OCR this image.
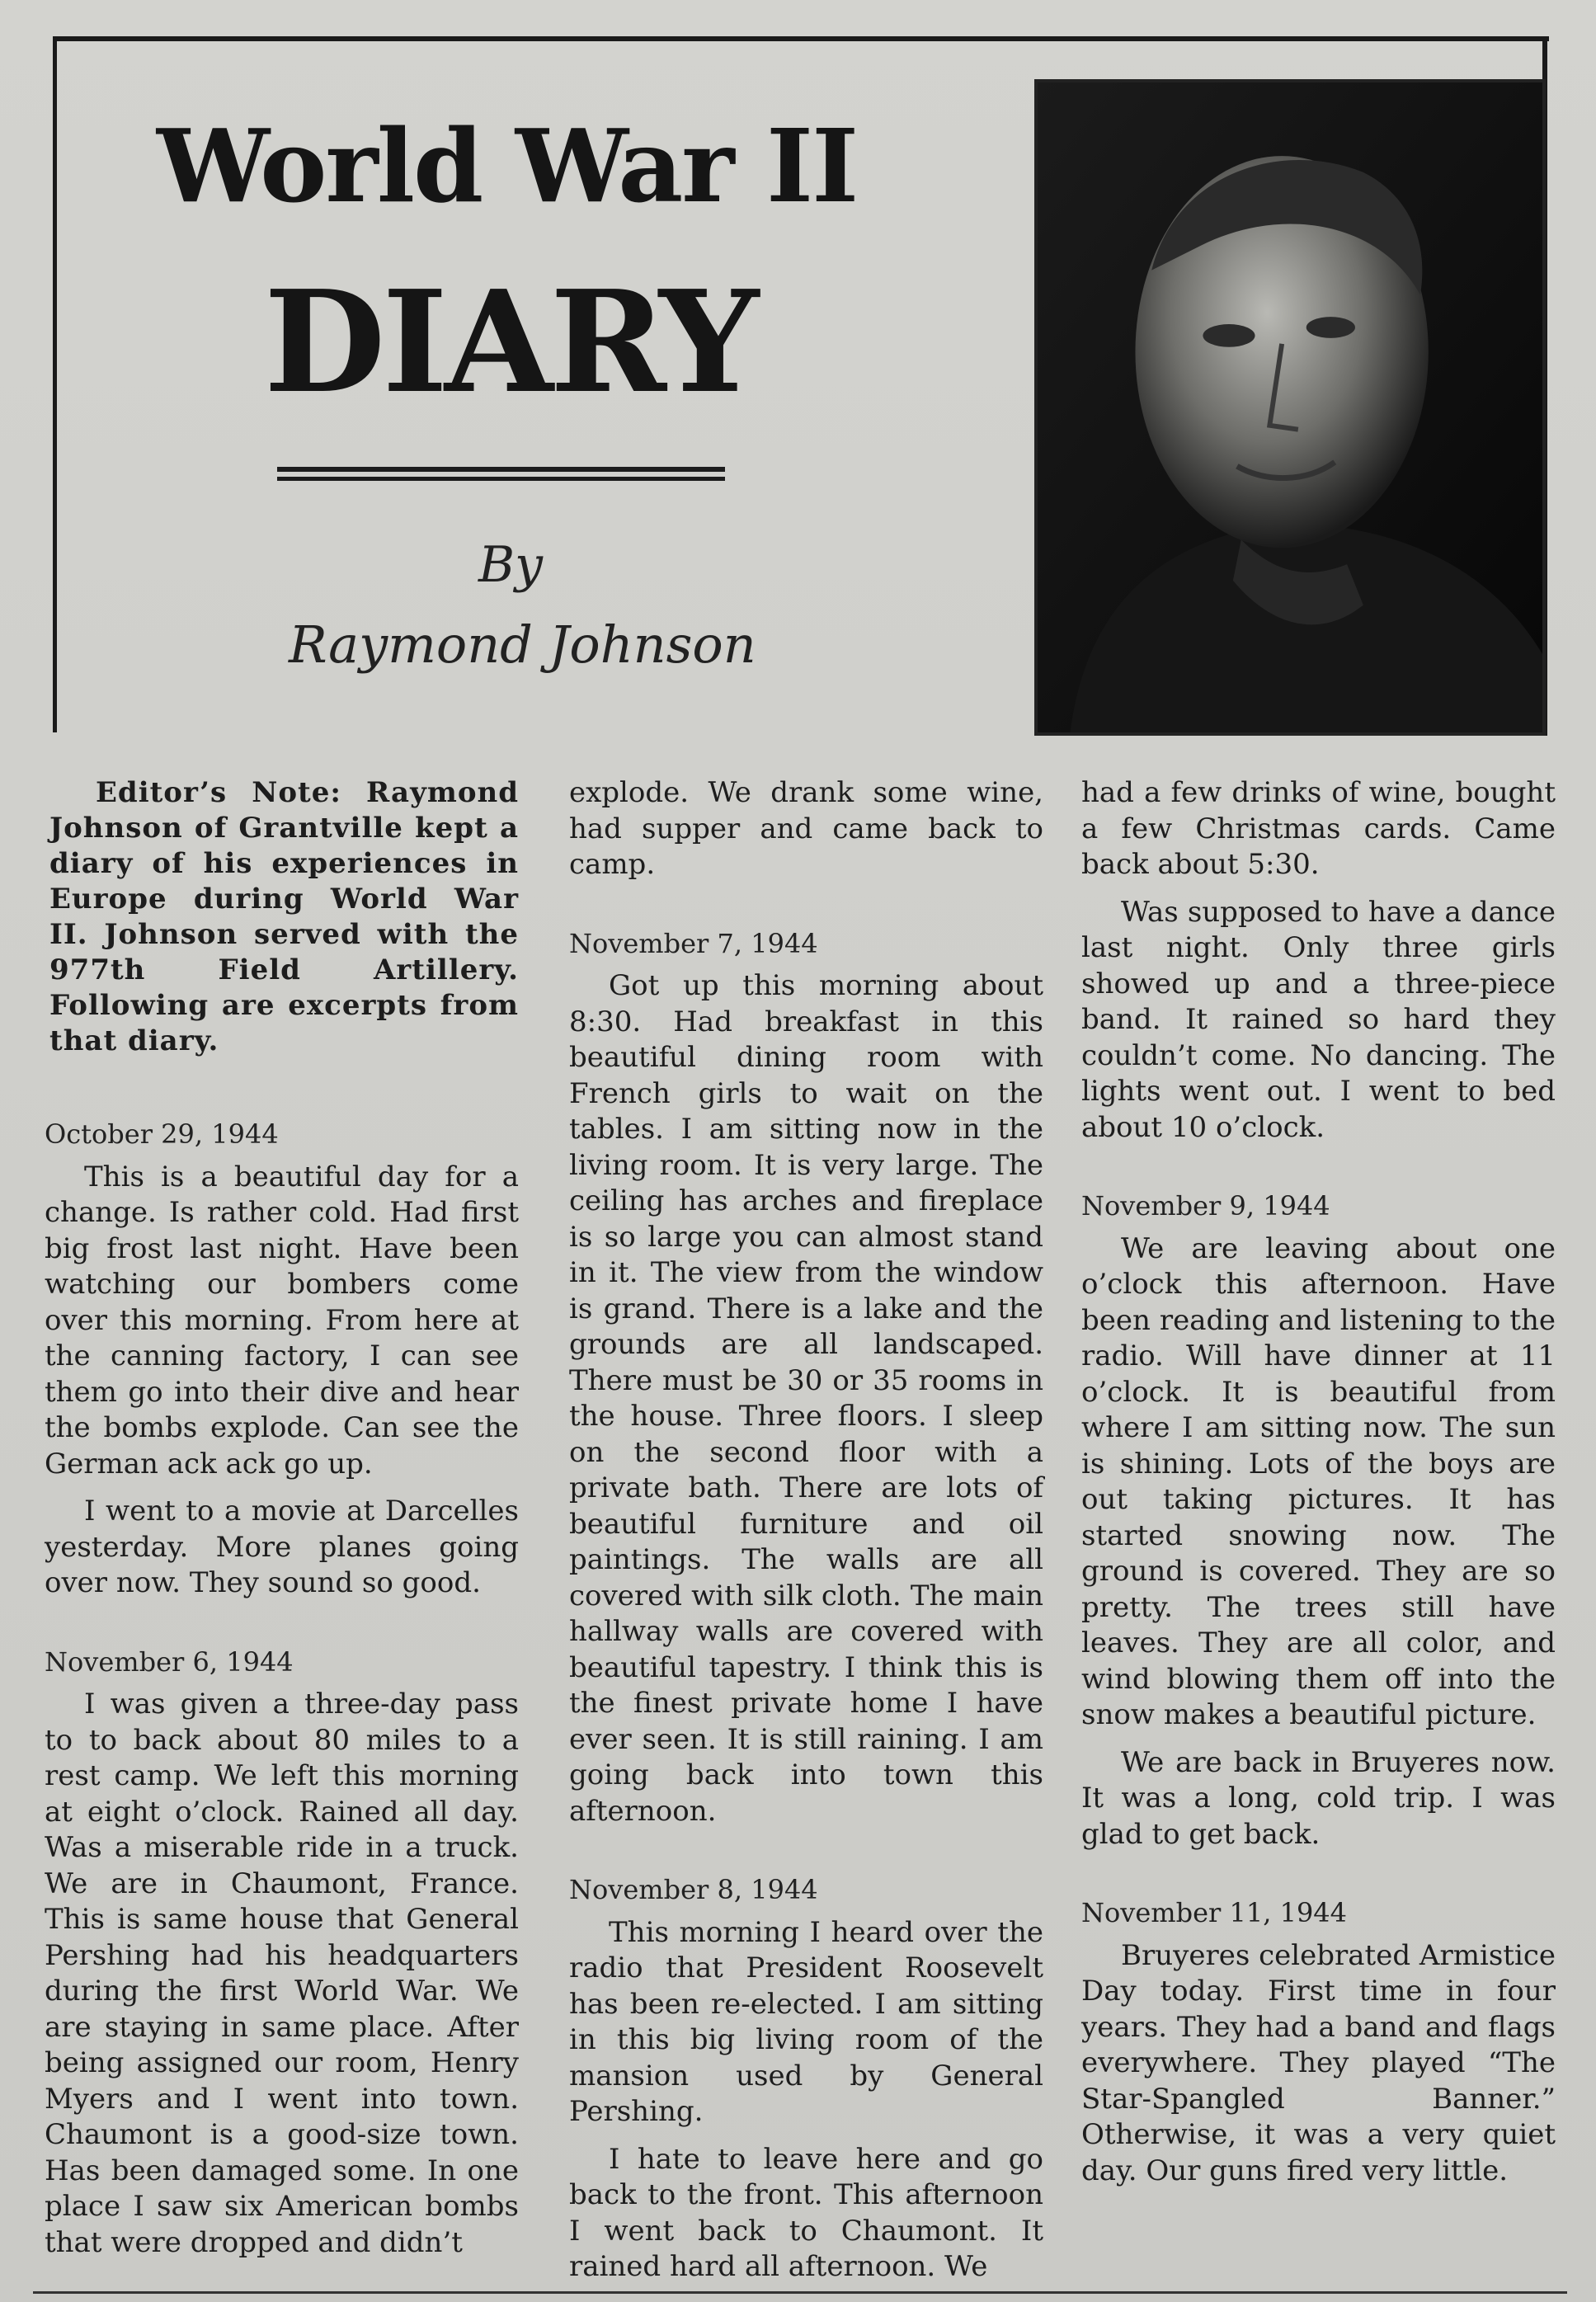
World War II
DIARY
By
Raymond Johnson

Editor’s Note: Raymond Johnson of Grantville kept a diary of his experiences in Europe during World War II. Johnson served with the 977th Field Artillery. Following are excerpts from that diary.

October 29, 1944

This is a beautiful day for a change. Is rather cold. Had first big frost last night. Have been watching our bombers come over this morning. From here at the canning factory, I can see them go into their dive and hear the bombs explode. Can see the German ack ack go up.

I went to a movie at Darcelles yesterday. More planes going over now. They sound so good.

November 6, 1944

I was given a three-day pass to to back about 80 miles to a rest camp. We left this morning at eight o’clock. Rained all day. Was a miserable ride in a truck. We are in Chaumont, France. This is same house that General Pershing had his headquarters during the first World War. We are staying in same place. After being assigned our room, Henry Myers and I went into town. Chaumont is a good-size town. Has been damaged some. In one place I saw six American bombs that were dropped and didn’t

explode. We drank some wine, had supper and came back to camp.

November 7, 1944

Got up this morning about 8:30. Had breakfast in this beautiful dining room with French girls to wait on the tables. I am sitting now in the living room. It is very large. The ceiling has arches and fireplace is so large you can almost stand in it. The view from the window is grand. There is a lake and the grounds are all landscaped. There must be 30 or 35 rooms in the house. Three floors. I sleep on the second floor with a private bath. There are lots of beautiful furniture and oil paintings. The walls are all covered with silk cloth. The main hallway walls are covered with beautiful tapestry. I think this is the finest private home I have ever seen. It is still raining. I am going back into town this afternoon.

November 8, 1944

This morning I heard over the radio that President Roosevelt has been re-elected. I am sitting in this big living room of the mansion used by General Pershing.

I hate to leave here and go back to the front. This afternoon I went back to Chaumont. It rained hard all afternoon. We

had a few drinks of wine, bought a few Christmas cards. Came back about 5:30.

Was supposed to have a dance last night. Only three girls showed up and a three-piece band. It rained so hard they couldn’t come. No dancing. The lights went out. I went to bed about 10 o’clock.

November 9, 1944

We are leaving about one o’clock this afternoon. Have been reading and listening to the radio. Will have dinner at 11 o’clock. It is beautiful from where I am sitting now. The sun is shining. Lots of the boys are out taking pictures. It has started snowing now. The ground is covered. They are so pretty. The trees still have leaves. They are all color, and wind blowing them off into the snow makes a beautiful picture.

We are back in Bruyeres now. It was a long, cold trip. I was glad to get back.

November 11, 1944

Bruyeres celebrated Armistice Day today. First time in four years. They had a band and flags everywhere. They played “The Star-Spangled Banner.” Otherwise, it was a very quiet day. Our guns fired very little.
